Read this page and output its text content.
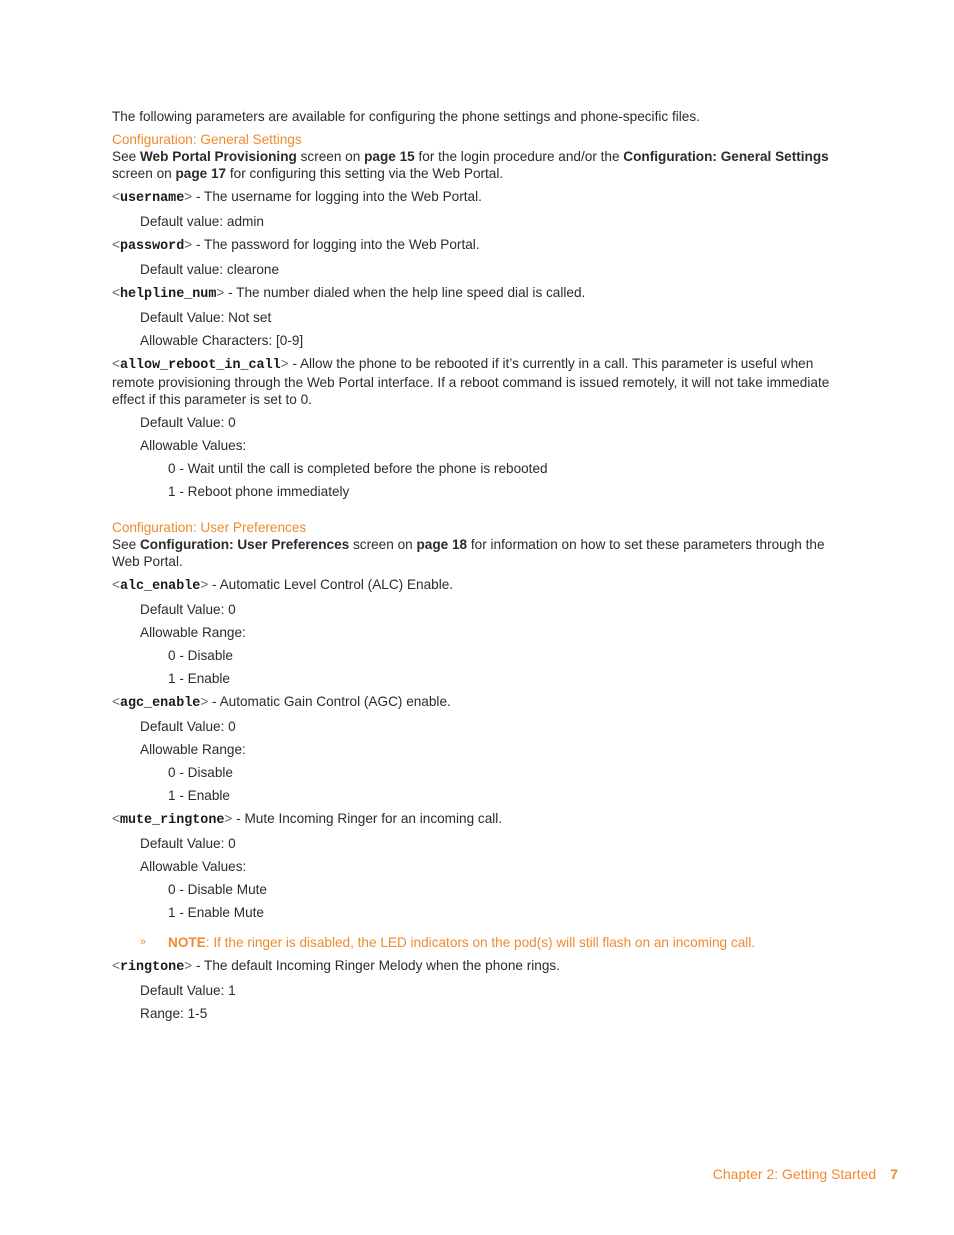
The following parameters are available for configuring the phone settings and phone-specific files.

Configuration: General Settings

See Web Portal Provisioning screen on page 15 for the login procedure and/or the Configuration: General Settings screen on page 17 for configuring this setting via the Web Portal.

<username> - The username for logging into the Web Portal.

Default value: admin

<password> - The password for logging into the Web Portal.

Default value: clearone

<helpline_num> - The number dialed when the help line speed dial is called.

Default Value: Not set

Allowable Characters: [0-9]

<allow_reboot_in_call> - Allow the phone to be rebooted if it’s currently in a call. This parameter is useful when remote provisioning through the Web Portal interface. If a reboot command is issued remotely, it will not take immediate effect if this parameter is set to 0.

Default Value: 0

Allowable Values:

0 - Wait until the call is completed before the phone is rebooted

1 - Reboot phone immediately

Configuration: User Preferences

See Configuration: User Preferences screen on page 18 for information on how to set these parameters through the Web Portal.

<alc_enable> - Automatic Level Control (ALC) Enable.

Default Value: 0

Allowable Range:

0 - Disable

1 - Enable

<agc_enable> - Automatic Gain Control (AGC) enable.

Default Value: 0

Allowable Range:

0 - Disable

1 - Enable

<mute_ringtone> - Mute Incoming Ringer for an incoming call.

Default Value: 0

Allowable Values:

0 - Disable Mute

1 - Enable Mute

» NOTE: If the ringer is disabled, the LED indicators on the pod(s) will still flash on an incoming call.

<ringtone> - The default Incoming Ringer Melody when the phone rings.

Default Value: 1

Range: 1-5

Chapter 2: Getting Started 7
